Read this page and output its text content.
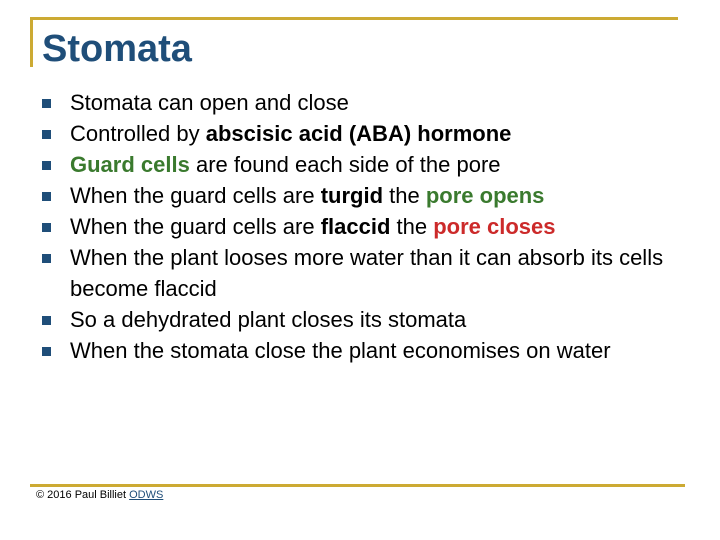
Stomata
Stomata can open and close
Controlled by abscisic acid (ABA) hormone
Guard cells are found each side of the pore
When the guard cells are turgid the pore opens
When the guard cells are flaccid the pore closes
When the plant looses more water than it can absorb its cells become flaccid
So a dehydrated plant closes its stomata
When the stomata close the plant economises on water
© 2016 Paul Billiet ODWS
